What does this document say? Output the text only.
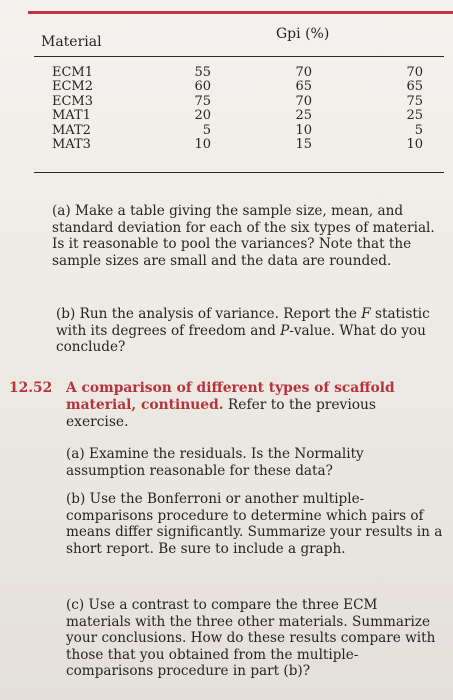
Material	Gpi (%)
ECM1
ECM2
ECM3
MAT1
MAT2
MAT3
55
60
75
20
5
10
70
65
70
25
10
15
70
65
75
25
5
10
(a) Make a table giving the sample size, mean, and standard deviation for each of the six types of material. Is it reasonable to pool the variances? Note that the sample sizes are small and the data are rounded.
(b) Run the analysis of variance. Report the F statistic with its degrees of freedom and P-value. What do you conclude?
12.52 A comparison of different types of scaffold material, continued. Refer to the previous exercise.
(a) Examine the residuals. Is the Normality assumption reasonable for these data?
(b) Use the Bonferroni or another multiple-comparisons procedure to determine which pairs of means differ significantly. Summarize your results in a short report. Be sure to include a graph.
(c) Use a contrast to compare the three ECM materials with the three other materials. Summarize your conclusions. How do these results compare with those that you obtained from the multiple-comparisons procedure in part (b)?
